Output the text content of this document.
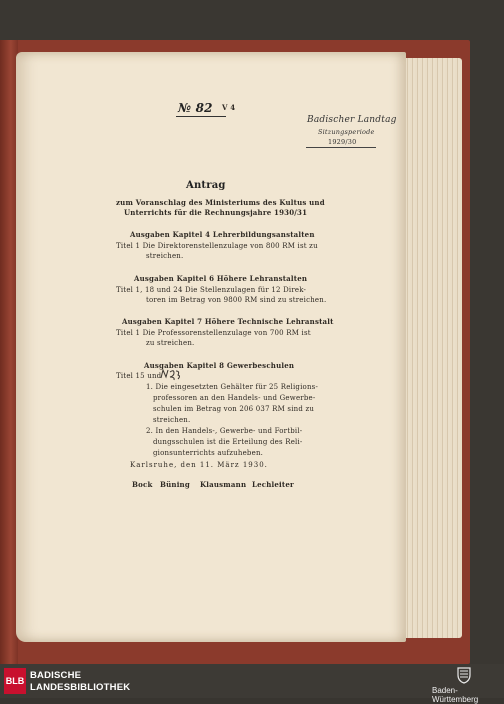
№ 82 V 4
Badischer Landtag
Sitzungsperiode
1929/30
Antrag
zum Voranschlag des Ministeriums des Kultus und
Unterrichts für die Rechnungsjahre 1930/31
Ausgaben Kapitel 4 Lehrerbildungsanstalten
Titel 1 Die Direktorenstellenzulage von 800 RM ist zu
streichen.
Ausgaben Kapitel 6 Höhere Lehranstalten
Titel 1, 18 und 24 Die Stellenzulagen für 12 Direk-
toren im Betrag von 9800 RM sind zu streichen.
Ausgaben Kapitel 7 Höhere Technische Lehranstalt
Titel 1 Die Professorenstellenzulage von 700 RM ist
zu streichen.
Ausgaben Kapitel 8 Gewerbeschulen
Titel 15 und
1. Die eingesetzten Gehälter für 25 Religions-
professoren an den Handels- und Gewerbe-
schulen im Betrag von 206 037 RM sind zu
streichen.
2. In den Handels-, Gewerbe- und Fortbil-
dungsschulen ist die Erteilung des Reli-
gionsunterrichts aufzuheben.
Karlsruhe, den 11. März 1930.
Bock Büning Klausmann Lechleiter
BLB BADISCHE
LANDESBIBLIOTHEK	Baden-Württemberg
